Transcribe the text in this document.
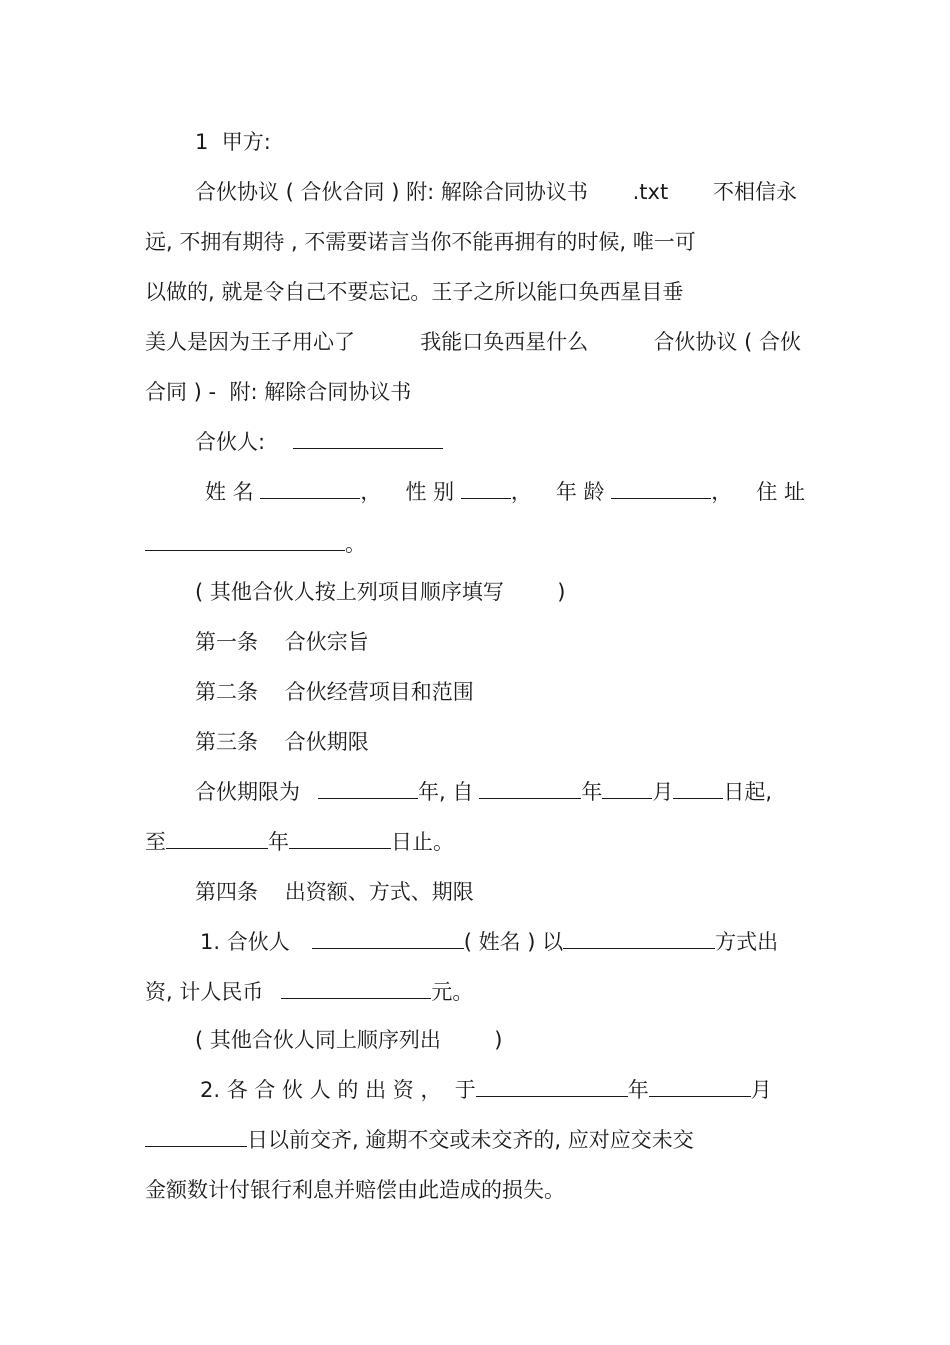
1  甲方:

合伙协议 ( 合伙合同 ) 附: 解除合同协议书 .txt 不相信永

远, 不拥有期待 , 不需要诺言当你不能再拥有的时候, 唯一可

以做的, 就是令自己不要忘记。王子之所以能口奂西星目垂

美人是因为王子用心了	我能口奂西星什么	合伙协议 ( 合伙

合同 ) -  附: 解除合同协议书

合伙人:

姓 名	， 性 别	， 年 龄	， 住 址

。

( 其他合伙人按上列项目顺序填写        )

第一条    合伙宗旨

第二条    合伙经营项目和范围

第三条    合伙期限

合伙期限为	年, 自	年 月 日起,

至	年	日止。

第四条    出资额、方式、期限

1. 合伙人	( 姓名 ) 以	方式出

资, 计人民币	元。

( 其他合伙人同上顺序列出        )

2. 各 合 伙 人 的 出 资 ，  于	年	月

日以前交齐, 逾期不交或未交齐的, 应对应交未交

金额数计付银行利息并赔偿由此造成的损失。
